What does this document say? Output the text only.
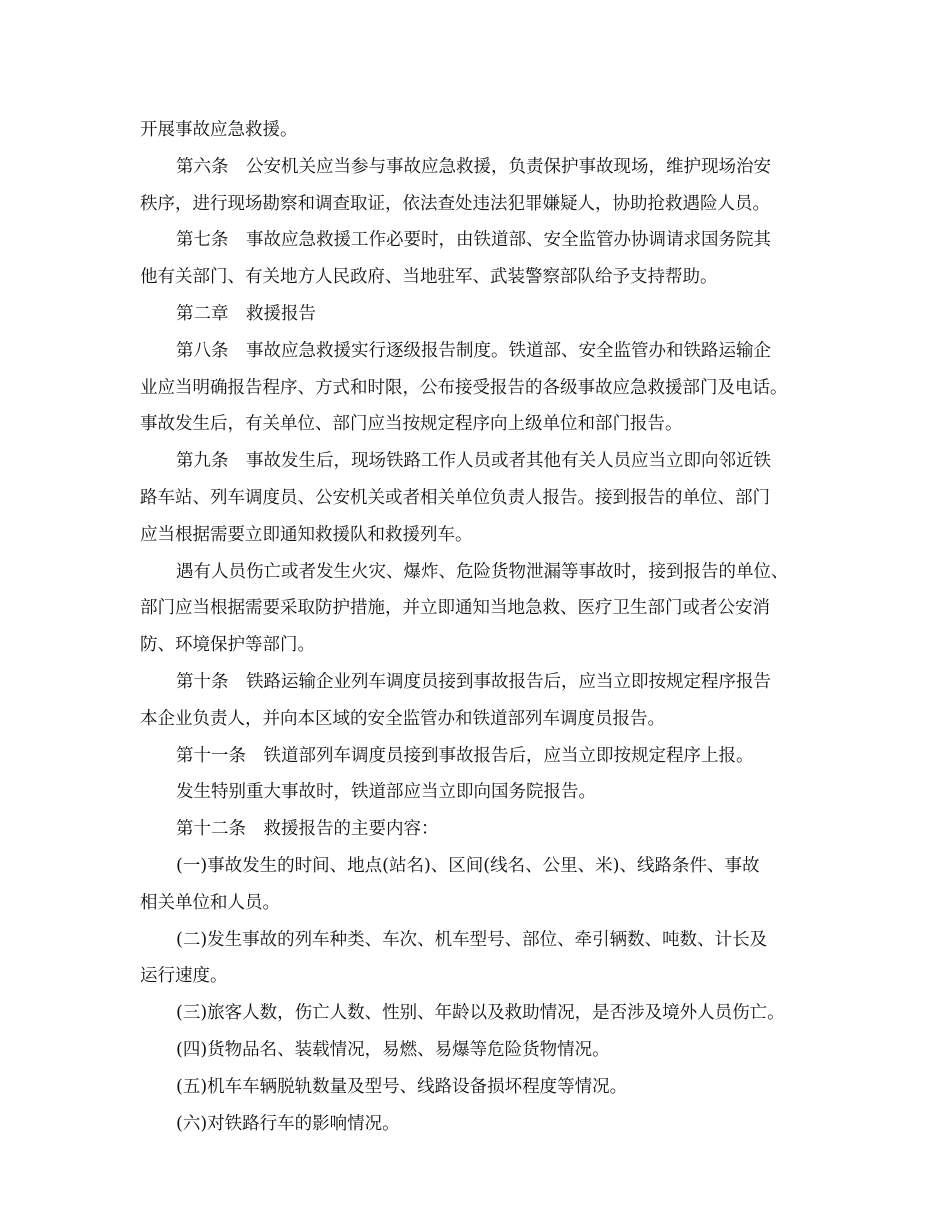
开展事故应急救援。
第六条　公安机关应当参与事故应急救援，负责保护事故现场，维护现场治安
秩序，进行现场勘察和调查取证，依法查处违法犯罪嫌疑人，协助抢救遇险人员。
第七条　事故应急救援工作必要时，由铁道部、安全监管办协调请求国务院其
他有关部门、有关地方人民政府、当地驻军、武装警察部队给予支持帮助。
第二章　救援报告
第八条　事故应急救援实行逐级报告制度。铁道部、安全监管办和铁路运输企
业应当明确报告程序、方式和时限，公布接受报告的各级事故应急救援部门及电话。
事故发生后，有关单位、部门应当按规定程序向上级单位和部门报告。
第九条　事故发生后，现场铁路工作人员或者其他有关人员应当立即向邻近铁
路车站、列车调度员、公安机关或者相关单位负责人报告。接到报告的单位、部门
应当根据需要立即通知救援队和救援列车。
遇有人员伤亡或者发生火灾、爆炸、危险货物泄漏等事故时，接到报告的单位、
部门应当根据需要采取防护措施，并立即通知当地急救、医疗卫生部门或者公安消
防、环境保护等部门。
第十条　铁路运输企业列车调度员接到事故报告后，应当立即按规定程序报告
本企业负责人，并向本区域的安全监管办和铁道部列车调度员报告。
第十一条　铁道部列车调度员接到事故报告后，应当立即按规定程序上报。
发生特别重大事故时，铁道部应当立即向国务院报告。
第十二条　救援报告的主要内容：
(一)事故发生的时间、地点(站名)、区间(线名、公里、米)、线路条件、事故
相关单位和人员。
(二)发生事故的列车种类、车次、机车型号、部位、牵引辆数、吨数、计长及
运行速度。
(三)旅客人数，伤亡人数、性别、年龄以及救助情况，是否涉及境外人员伤亡。
(四)货物品名、装载情况，易燃、易爆等危险货物情况。
(五)机车车辆脱轨数量及型号、线路设备损坏程度等情况。
(六)对铁路行车的影响情况。
